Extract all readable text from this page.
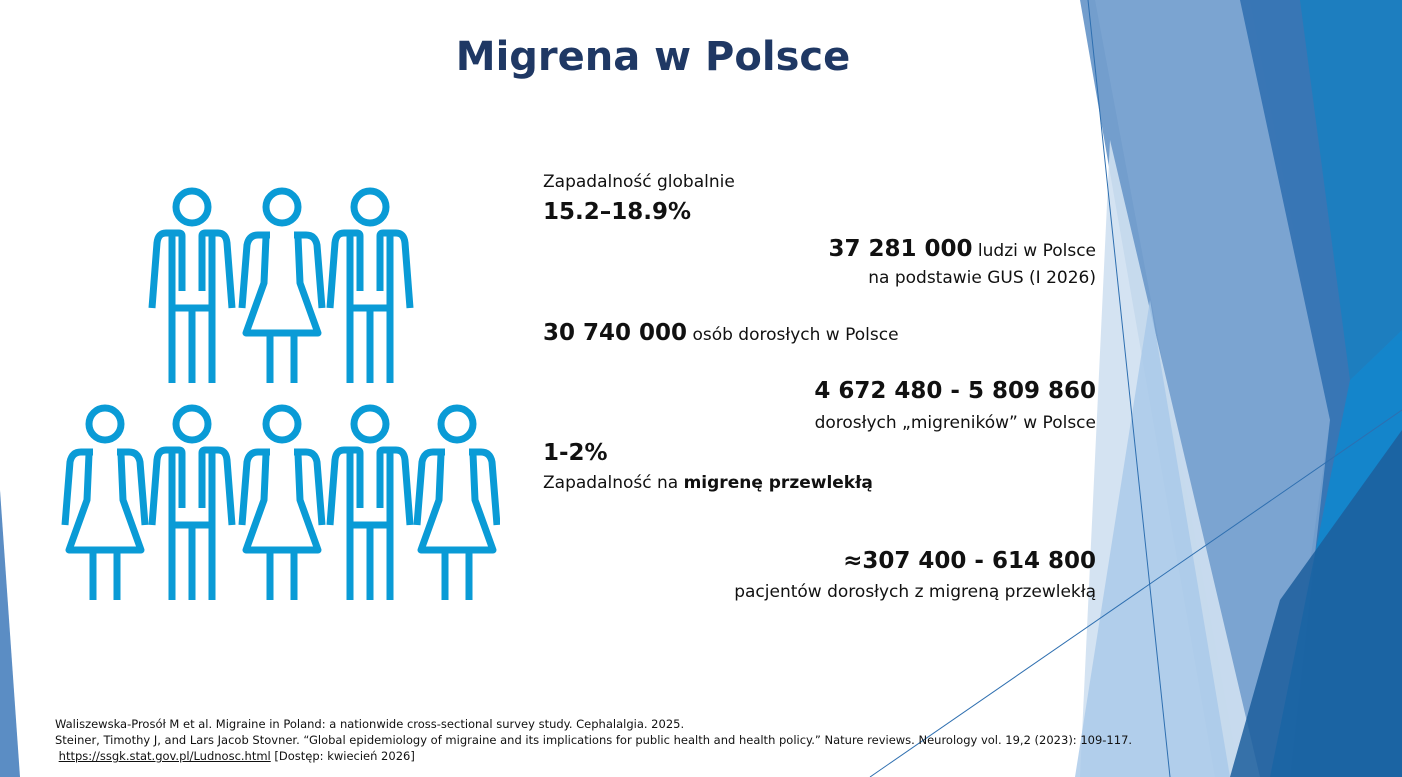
Migrena w Polsce
Zapadalność globalnie
15.2–18.9%
37 281 000 ludzi w Polsce
na podstawie GUS (I 2026)
30 740 000 osób dorosłych w Polsce
4 672 480 - 5 809 860
dorosłych „migreników” w Polsce
1-2%
Zapadalność na migrenę przewlekłą
≈307 400 - 614 800
pacjentów dorosłych z migreną przewlekłą
Waliszewska-Prosół M et al. Migraine in Poland: a nationwide cross-sectional survey study. Cephalalgia. 2025.
Steiner, Timothy J, and Lars Jacob Stovner. “Global epidemiology of migraine and its implications for public health and health policy.” Nature reviews. Neurology vol. 19,2 (2023): 109-117.
https://ssgk.stat.gov.pl/Ludnosc.html [Dostęp: kwiecień 2026]
